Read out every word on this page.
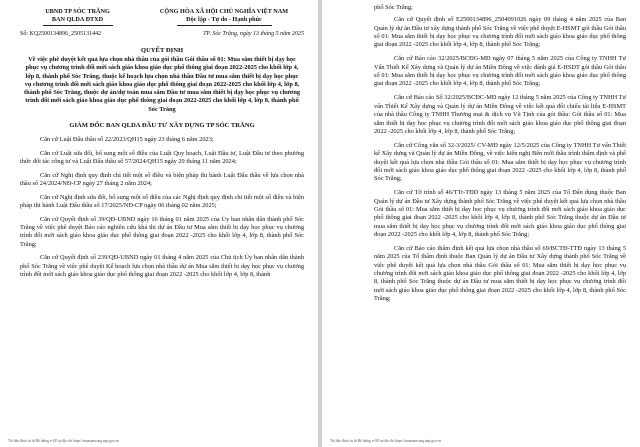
UBND TP SÓC TRĂNG
BAN QLDA ĐTXD
CỘNG HÒA XÃ HỘI CHỦ NGHĨA VIỆT NAM
Độc lập - Tự do - Hạnh phúc
Số: KQ2500134896_2505131442	TP. Sóc Trăng, ngày 13 tháng 5 năm 2025
QUYẾT ĐỊNH
Về việc phê duyệt kết quả lựa chọn nhà thầu của gói thầu Gói thầu số 01: Mua sắm thiết bị dạy học phục vụ chương trình đổi mới sách giáo khoa giáo dục phổ thông giai đoạn 2022-2025 cho khối lớp 4, lớp 8, thành phố Sóc Trăng, thuộc kế hoạch lựa chọn nhà thầu Đầu tư mua sắm thiết bị dạy học phục vụ chương trình đổi mới sách giáo khoa giáo dục phổ thông giai đoạn 2022-2025 cho khối lớp 4, lớp 8, thành phố Sóc Trăng, thuộc dự án/dự toán mua sắm Đầu tư mua sắm thiết bị dạy học phục vụ chương trình đổi mới sách giáo khoa giáo dục phổ thông giai đoạn 2022-2025 cho khối lớp 4, lớp 8, thành phố Sóc Trăng
GIÁM ĐỐC BAN QLDA ĐẦU TƯ XÂY DỰNG TP SÓC TRĂNG

Căn cứ Luật Đấu thầu số 22/2023/QH15 ngày 23 tháng 6 năm 2023;

Căn cứ Luật sửa đổi, bổ sung một số điều của Luật Quy hoạch, Luật Đầu tư, Luật Đầu tư theo phương thức đối tác công tư và Luật Đấu thầu số 57/2024/QH15 ngày 29 tháng 11 năm 2024;

Căn cứ Nghị định quy định chi tiết một số điều và biện pháp thi hành Luật Đấu thầu về lựa chọn nhà thầu số 24/2024/NĐ-CP ngày 27 tháng 2 năm 2024;

Căn cứ Nghị định sửa đổi, bổ sung một số điều của các Nghị định quy định chi tiết một số điều và biện pháp thi hành Luật Đấu thầu số 17/2025/NĐ-CP ngày 06 tháng 02 năm 2025;

Căn cứ Quyết định số 39/QĐ-UBND ngày 16 tháng 01 năm 2025 của Ủy ban nhân dân thành phố Sóc Trăng về việc phê duyệt Báo cáo nghiên cứu khả thi dự án Đầu tư Mua sắm thiết bị dạy học phục vụ chương trình đổi mới sách giáo khoa giáo dục phổ thông giai đoạn 2022 -2025 cho khối lớp 4, lớp 8, thành phố Sóc Trăng;

Căn cứ Quyết định số 239/QĐ-UBND ngày 01 tháng 4 năm 2025 của Chủ tịch Ủy ban nhân dân thành phố Sóc Trăng về việc phê duyệt Kế hoạch lựa chọn nhà thầu dự án Mua sắm thiết bị dạy học phục vụ chương trình đổi mới sách giáo khoa giáo dục phổ thông giai đoạn 2022 -2025 cho khối lớp 4, lớp 8, thành

Tài liệu được in từ Hệ thống e-GP tại địa chỉ https://muasamcong.mpi.gov.vn
phố Sóc Trăng;

Căn cứ Quyết định số E2500134896_2504091026 ngày 09 tháng 4 năm 2025 của Ban Quản lý dự án Đầu tư xây dựng thành phố Sóc Trăng về việc phê duyệt E-HSMT gói thầu Gói thầu số 01: Mua sắm thiết bị dạy học phục vụ chương trình đổi mới sách giáo khoa giáo dục phổ thông giai đoạn 2022 -2025 cho khối lớp 4, lớp 8, thành phố Sóc Trăng;

Căn cứ Báo cáo 32/2025/BCĐG-MĐ ngày 07 tháng 5 năm 2025 của Công ty TNHH Tư Vấn Thiết Kế Xây dựng và Quản lý dự án Miền Đông về việc đánh giá E-HSDT gói thầu Gói thầu số 01: Mua sắm thiết bị dạy học phục vụ chương trình đổi mới sách giáo khoa giáo dục phổ thông giai đoạn 2022 -2025 cho khối lớp 4, lớp 8, thành phố Sóc Trăng;

Căn cứ Báo cáo Số 32/2025/BCĐC-MĐ ngày 12 tháng 5 năm 2025 của Công ty TNHH Tư vấn Thiết Kế Xây dựng và Quản lý dự án Miền Đông về việc kết quả đối chiếu tài liệu E-HSMT của nhà thầu Công ty TNHH Thương mại & dịch vụ Vũ Tịnh của gói thầu: Gói thầu số 01: Mua sắm thiết bị dạy học phục vụ chương trình đổi mới sách giáo khoa giáo dục phổ thông giai đoạn 2022 -2025 cho khối lớp 4, lớp 8, thành phố Sóc Trăng;

Căn cứ Công văn số 32-3/2025/ CV-MĐ ngày 12/5/2025 của Công ty TNHH Tư vấn Thiết kế Xây dựng và Quản lý dự án Miền Đông, về việc kiến nghị Bên mời thầu trình thẩm định và phê duyệt kết quả lựa chọn nhà thầu Gói thầu số 01: Mua sắm thiết bị dạy học phục vụ chương trình đổi mới sách giáo khoa giáo dục phổ thông giai đoạn 2022 -2025 cho khối lớp 4, lớp 8, thành phố Sóc Trăng;

Căn cứ Tờ trình số 46/TTr-TĐD ngày 13 tháng 5 năm 2025 của Tổ Đấn dụng thuộc Ban Quản lý dự án Đầu tư Xây dựng thành phố Sóc Trăng về việc phê duyệt kết quả lựa chọn nhà thầu Gói thầu số 01: Mua sắm thiết bị dạy học phục vụ chương trình đổi mới sách giáo khoa giáo dục phổ thông giai đoạn 2022 -2025 cho khối lớp 4, lớp 8, thành phố Sóc Trăng thuộc dự án Đầu tư mua sắm thiết bị dạy học phục vụ chương trình đổi mới sách giáo khoa giáo dục phổ thông giai đoạn 2022 -2025 cho khối lớp 4, lớp 8, thành phố Sóc Trăng;

Căn cứ Báo cáo thẩm định kết quả lựa chọn nhà thầu số 69/BCTĐ-TTĐ ngày 13 tháng 5 năm 2025 của Tổ thẩm định thuộc Ban Quản lý dự án Đầu tư Xây dựng thành phố Sóc Trăng về việc phê duyệt kết quả lựa chọn nhà thầu Gói thầu số 01: Mua sắm thiết bị dạy học phục vụ chương trình đổi mới sách giáo khoa giáo dục phổ thông giai đoạn 2022 -2025 cho khối lớp 4, lớp 8, thành phố Sóc Trăng thuộc dự án Đầu tư mua sắm thiết bị dạy học phục vụ chương trình đổi mới sách giáo khoa giáo dục phổ thông giai đoạn 2022 -2025 cho khối lớp 4, lớp 8, thành phố Sóc Trăng;

Tài liệu được in từ Hệ thống e-GP tại địa chỉ https://muasamcong.mpi.gov.vn
